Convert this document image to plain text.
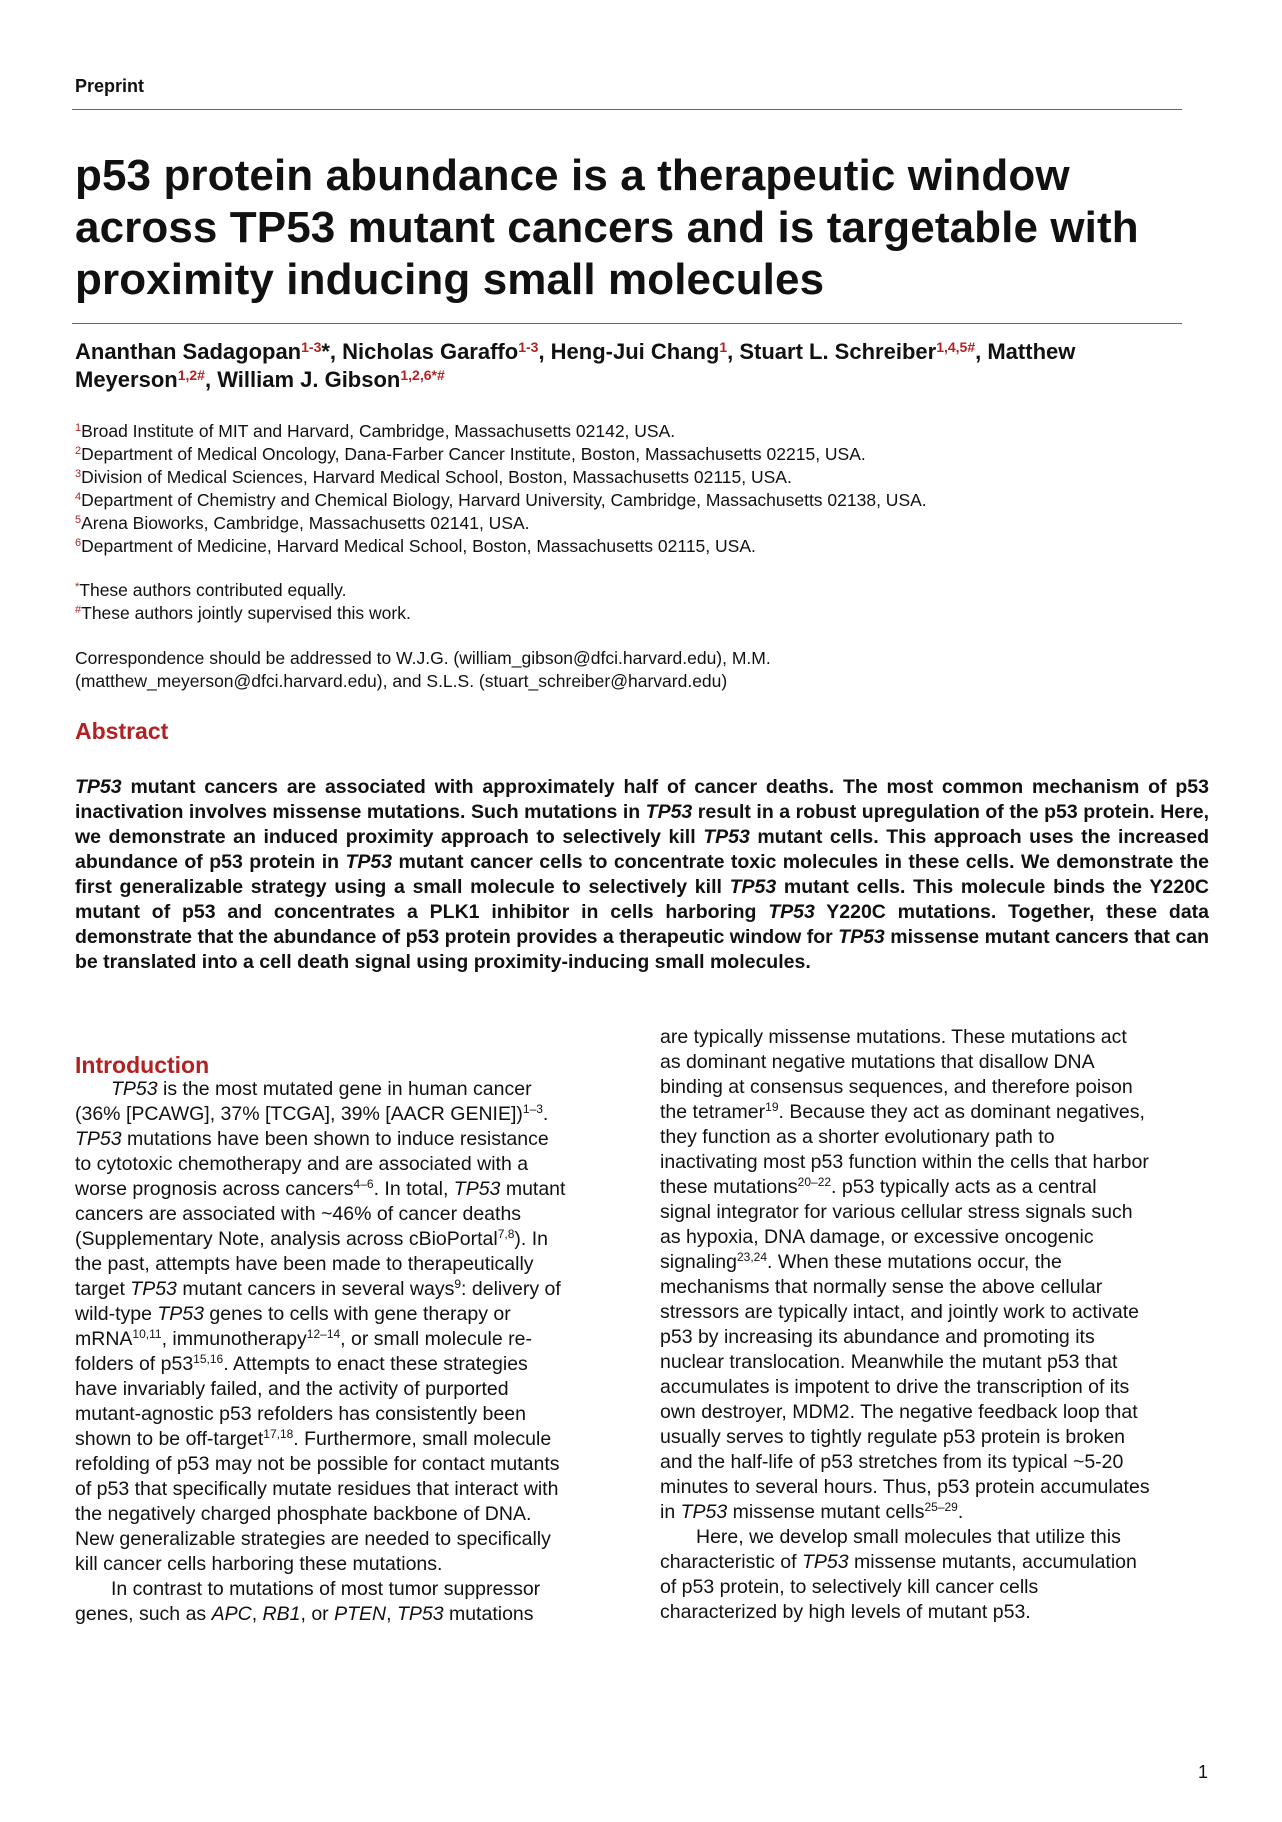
Preprint
p53 protein abundance is a therapeutic window
across TP53 mutant cancers and is targetable with
proximity inducing small molecules
Ananthan Sadagopan$^{1-3}$*, Nicholas Garaffo$^{1-3}$, Heng-Jui Chang$^1$, Stuart L. Schreiber$^{1,4,5\#}$, Matthew
Meyerson$^{1,2\#}$, William J. Gibson$^{1,2,6*\#}$
$^1$Broad Institute of MIT and Harvard, Cambridge, Massachusetts 02142, USA.
$^2$Department of Medical Oncology, Dana-Farber Cancer Institute, Boston, Massachusetts 02215, USA.
$^3$Division of Medical Sciences, Harvard Medical School, Boston, Massachusetts 02115, USA.
$^4$Department of Chemistry and Chemical Biology, Harvard University, Cambridge, Massachusetts 02138, USA.
$^5$Arena Bioworks, Cambridge, Massachusetts 02141, USA.
$^6$Department of Medicine, Harvard Medical School, Boston, Massachusetts 02115, USA.
*These authors contributed equally.
#These authors jointly supervised this work.
Correspondence should be addressed to W.J.G. (william_gibson@dfci.harvard.edu), M.M.
(matthew_meyerson@dfci.harvard.edu), and S.L.S. (stuart_schreiber@harvard.edu)
Abstract

TP53 mutant cancers are associated with approximately half of cancer deaths. The most common mechanism of p53 inactivation involves missense mutations. Such mutations in TP53 result in a robust upregulation of the p53 protein. Here, we demonstrate an induced proximity approach to selectively kill TP53 mutant cells. This approach uses the increased abundance of p53 protein in TP53 mutant cancer cells to concentrate toxic molecules in these cells. We demonstrate the first generalizable strategy using a small molecule to selectively kill TP53 mutant cells. This molecule binds the Y220C mutant of p53 and concentrates a PLK1 inhibitor in cells harboring TP53 Y220C mutations. Together, these data demonstrate that the abundance of p53 protein provides a therapeutic window for TP53 missense mutant cancers that can be translated into a cell death signal using proximity-inducing small molecules.

Introduction
TP53 is the most mutated gene in human cancer
(36% [PCAWG], 37% [TCGA], 39% [AACR GENIE])$^{1-3}$.
TP53 mutations have been shown to induce resistance
to cytotoxic chemotherapy and are associated with a
worse prognosis across cancers$^{4-6}$. In total, TP53 mutant
cancers are associated with ~46% of cancer deaths
(Supplementary Note, analysis across cBioPortal$^{7,8}$). In
the past, attempts have been made to therapeutically
target TP53 mutant cancers in several ways$^9$: delivery of
wild-type TP53 genes to cells with gene therapy or
mRNA$^{10,11}$, immunotherapy$^{12-14}$, or small molecule re-
folders of p53$^{15,16}$. Attempts to enact these strategies
have invariably failed, and the activity of purported
mutant-agnostic p53 refolders has consistently been
shown to be off-target$^{17,18}$. Furthermore, small molecule
refolding of p53 may not be possible for contact mutants
of p53 that specifically mutate residues that interact with
the negatively charged phosphate backbone of DNA.
New generalizable strategies are needed to specifically
kill cancer cells harboring these mutations.
In contrast to mutations of most tumor suppressor
genes, such as APC, RB1, or PTEN, TP53 mutations
are typically missense mutations. These mutations act
as dominant negative mutations that disallow DNA
binding at consensus sequences, and therefore poison
the tetramer$^{19}$. Because they act as dominant negatives,
they function as a shorter evolutionary path to
inactivating most p53 function within the cells that harbor
these mutations$^{20-22}$. p53 typically acts as a central
signal integrator for various cellular stress signals such
as hypoxia, DNA damage, or excessive oncogenic
signaling$^{23,24}$. When these mutations occur, the
mechanisms that normally sense the above cellular
stressors are typically intact, and jointly work to activate
p53 by increasing its abundance and promoting its
nuclear translocation. Meanwhile the mutant p53 that
accumulates is impotent to drive the transcription of its
own destroyer, MDM2. The negative feedback loop that
usually serves to tightly regulate p53 protein is broken
and the half-life of p53 stretches from its typical ~5-20
minutes to several hours. Thus, p53 protein accumulates
in TP53 missense mutant cells$^{25-29}$.
Here, we develop small molecules that utilize this
characteristic of TP53 missense mutants, accumulation
of p53 protein, to selectively kill cancer cells
characterized by high levels of mutant p53.
1
